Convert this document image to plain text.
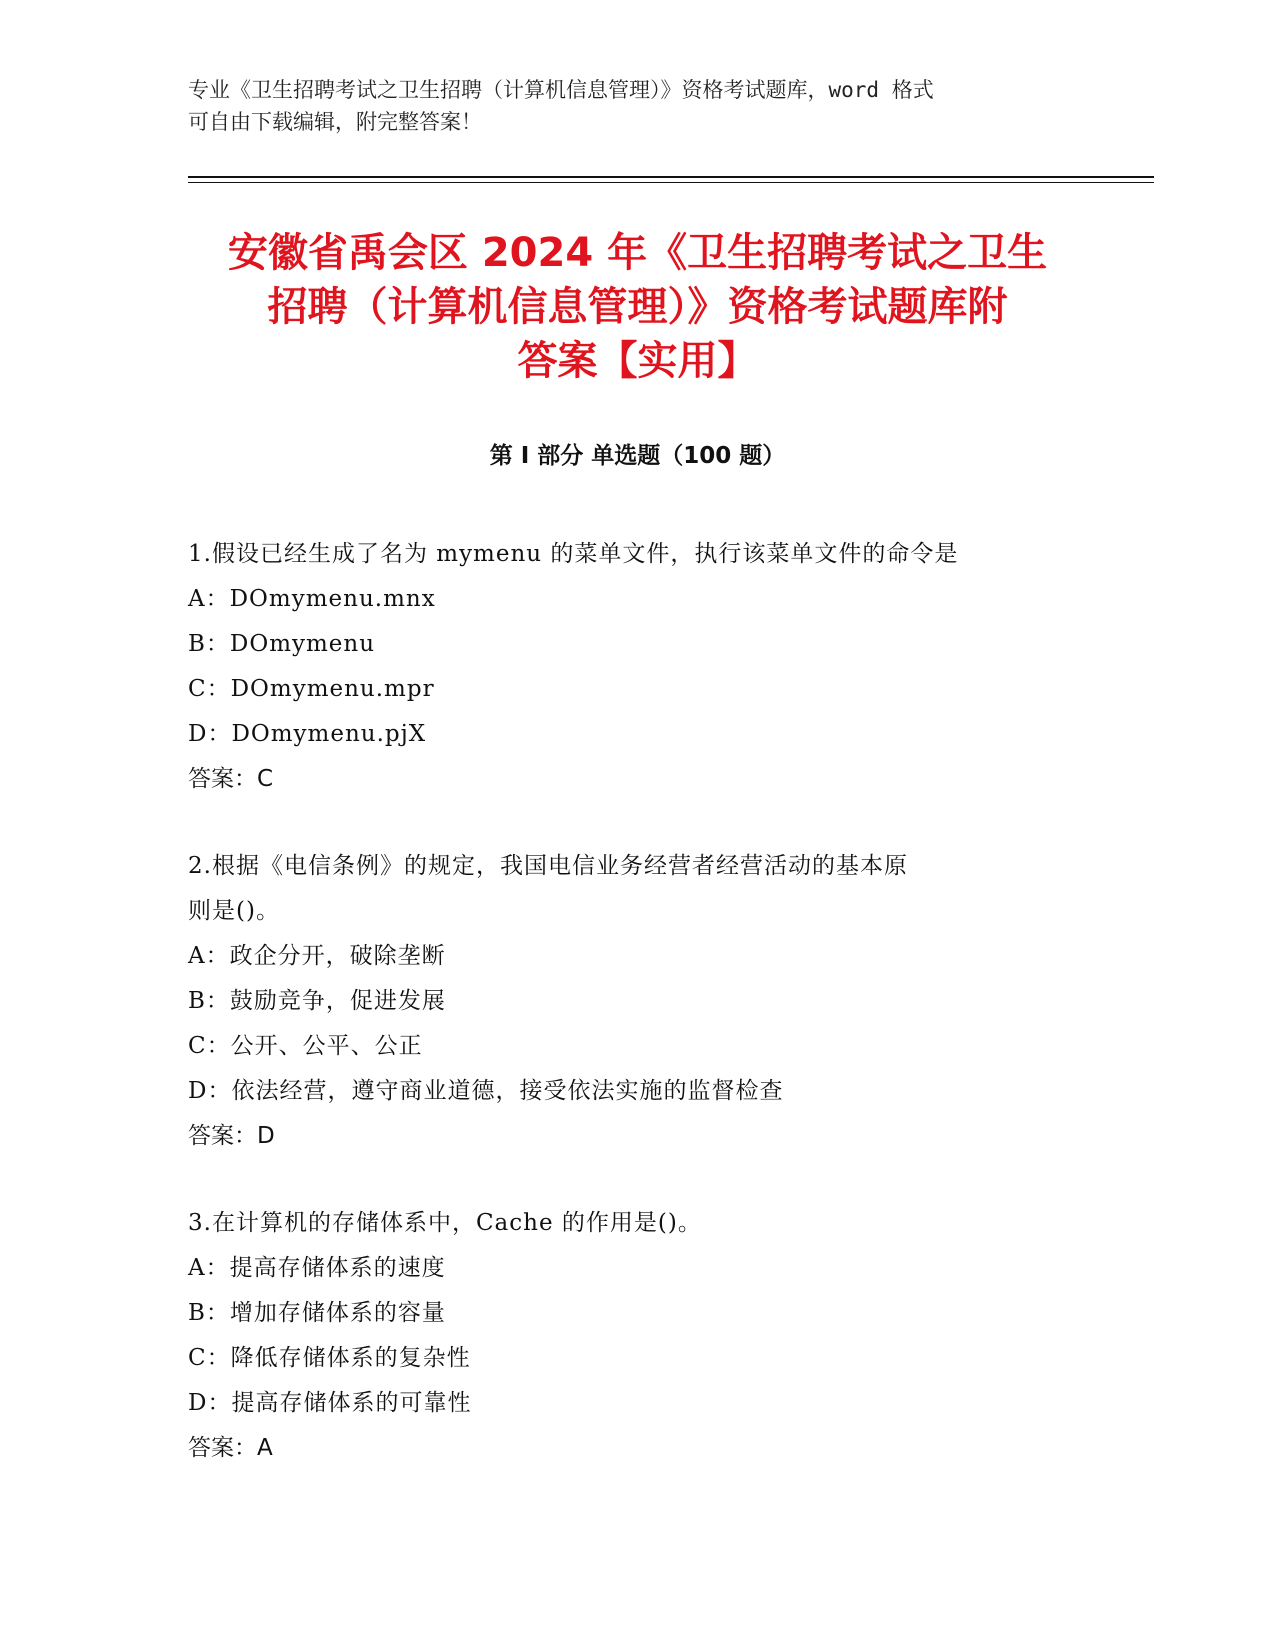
专业《卫生招聘考试之卫生招聘（计算机信息管理）》资格考试题库，word 格式
可自由下载编辑，附完整答案！
安徽省禹会区 2024 年《卫生招聘考试之卫生
招聘（计算机信息管理）》资格考试题库附
答案【实用】
第 I 部分 单选题（100 题）

1.假设已经生成了名为 mymenu 的菜单文件，执行该菜单文件的命令是

A：DOmymenu.mnx

B：DOmymenu

C：DOmymenu.mpr

D：DOmymenu.pjX

答案：C

2.根据《电信条例》的规定，我国电信业务经营者经营活动的基本原

则是()。

A：政企分开，破除垄断

B：鼓励竞争，促进发展

C：公开、公平、公正

D：依法经营，遵守商业道德，接受依法实施的监督检查

答案：D

3.在计算机的存储体系中，Cache 的作用是()。

A：提高存储体系的速度

B：增加存储体系的容量

C：降低存储体系的复杂性

D：提高存储体系的可靠性

答案：A
